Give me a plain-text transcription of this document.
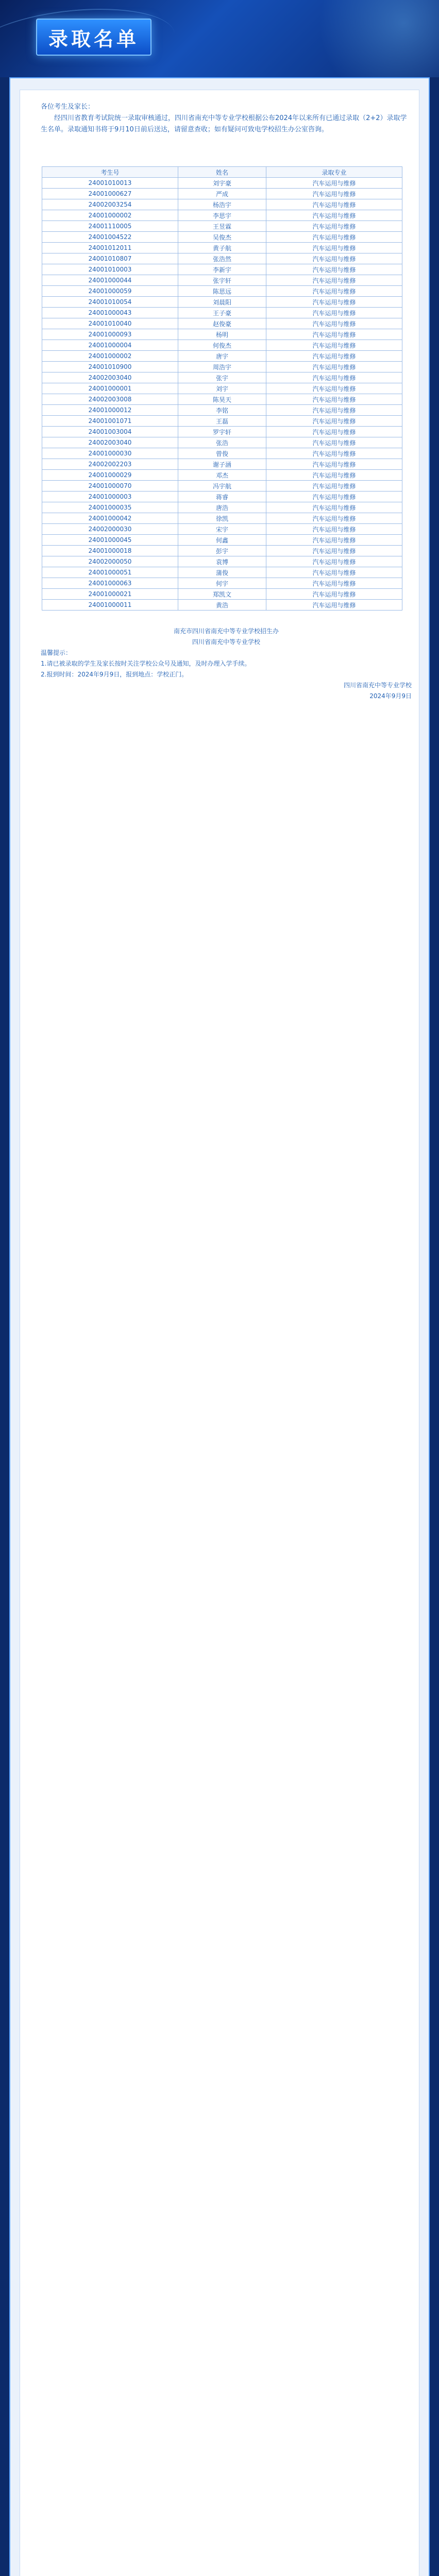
录取名单

各位考生及家长：

经四川省教育考试院统一录取审核通过，四川省南充中等专业学校根据公布2024年以来所有已通过录取（2+2）录取学生名单。录取通知书将于9月10日前后送达，请留意查收；如有疑问可致电学校招生办公室咨询。

考生号	姓名	录取专业
24001010013	刘宇豪	汽车运用与维修
24001000627	严成	汽车运用与维修
24002003254	杨浩宇	汽车运用与维修
24001000002	李思宇	汽车运用与维修
24001110005	王昱霖	汽车运用与维修
24001004522	吴俊杰	汽车运用与维修
24001012011	黄子航	汽车运用与维修
24001010807	张浩然	汽车运用与维修
24001010003	李新宇	汽车运用与维修
24001000044	张宇轩	汽车运用与维修
24001000059	陈思远	汽车运用与维修
24001010054	刘晨阳	汽车运用与维修
24001000043	王子豪	汽车运用与维修
24001010040	赵俊豪	汽车运用与维修
24001000093	杨明	汽车运用与维修
24001000004	何俊杰	汽车运用与维修
24001000002	唐宇	汽车运用与维修
24001010900	周浩宇	汽车运用与维修
24002003040	张宇	汽车运用与维修
24001000001	刘宇	汽车运用与维修
24002003008	陈昊天	汽车运用与维修
24001000012	李铭	汽车运用与维修
24001001071	王磊	汽车运用与维修
24001003004	罗宇轩	汽车运用与维修
24002003040	张浩	汽车运用与维修
24001000030	曾俊	汽车运用与维修
24002002203	谢子涵	汽车运用与维修
24001000029	邓杰	汽车运用与维修
24001000070	冯宇航	汽车运用与维修
24001000003	蒋睿	汽车运用与维修
24001000035	唐浩	汽车运用与维修
24001000042	徐凯	汽车运用与维修
24002000030	宋宇	汽车运用与维修
24001000045	何鑫	汽车运用与维修
24001000018	彭宇	汽车运用与维修
24002000050	袁博	汽车运用与维修
24001000051	蒲俊	汽车运用与维修
24001000063	何宇	汽车运用与维修
24001000021	郑凯文	汽车运用与维修
24001000011	黄浩	汽车运用与维修

南充市四川省南充中等专业学校招生办

四川省南充中等专业学校

温馨提示：

1.请已被录取的学生及家长按时关注学校公众号及通知，及时办理入学手续。

2.报到时间：2024年9月9日，报到地点：学校正门。

四川省南充中等专业学校

2024年9月9日
